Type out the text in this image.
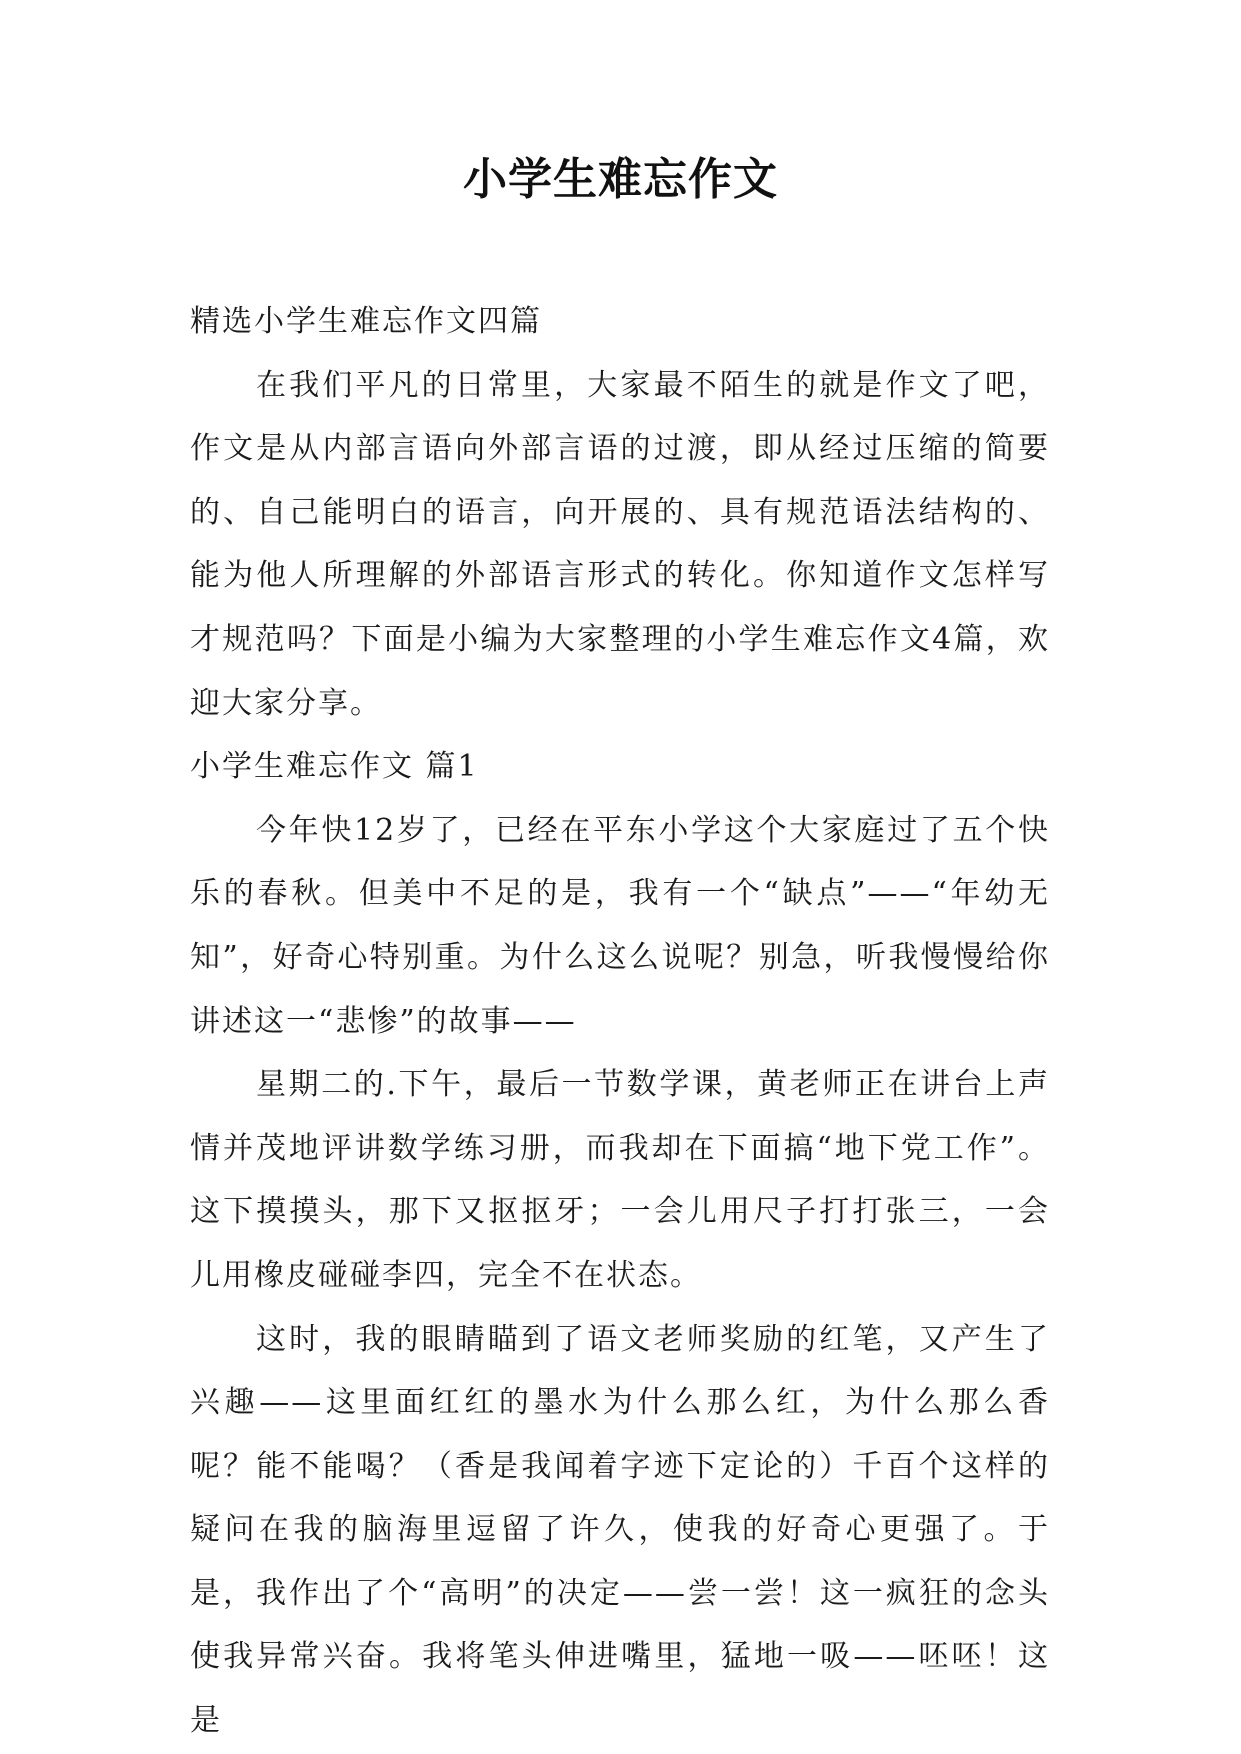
小学生难忘作文

精选小学生难忘作文四篇

在我们平凡的日常里，大家最不陌生的就是作文了吧，作文是从内部言语向外部言语的过渡，即从经过压缩的简要的、自己能明白的语言，向开展的、具有规范语法结构的、能为他人所理解的外部语言形式的转化。你知道作文怎样写才规范吗？下面是小编为大家整理的小学生难忘作文4篇，欢迎大家分享。

小学生难忘作文 篇1

今年快12岁了，已经在平东小学这个大家庭过了五个快乐的春秋。但美中不足的是，我有一个“缺点”——“年幼无知”，好奇心特别重。为什么这么说呢？别急，听我慢慢给你讲述这一“悲惨”的故事——

星期二的.下午，最后一节数学课，黄老师正在讲台上声情并茂地评讲数学练习册，而我却在下面搞“地下党工作”。这下摸摸头，那下又抠抠牙；一会儿用尺子打打张三，一会儿用橡皮碰碰李四，完全不在状态。

这时，我的眼睛瞄到了语文老师奖励的红笔，又产生了兴趣——这里面红红的墨水为什么那么红，为什么那么香呢？能不能喝？（香是我闻着字迹下定论的）千百个这样的疑问在我的脑海里逗留了许久，使我的好奇心更强了。于是，我作出了个“高明”的决定——尝一尝！这一疯狂的念头使我异常兴奋。我将笔头伸进嘴里，猛地一吸——呸呸！这是
